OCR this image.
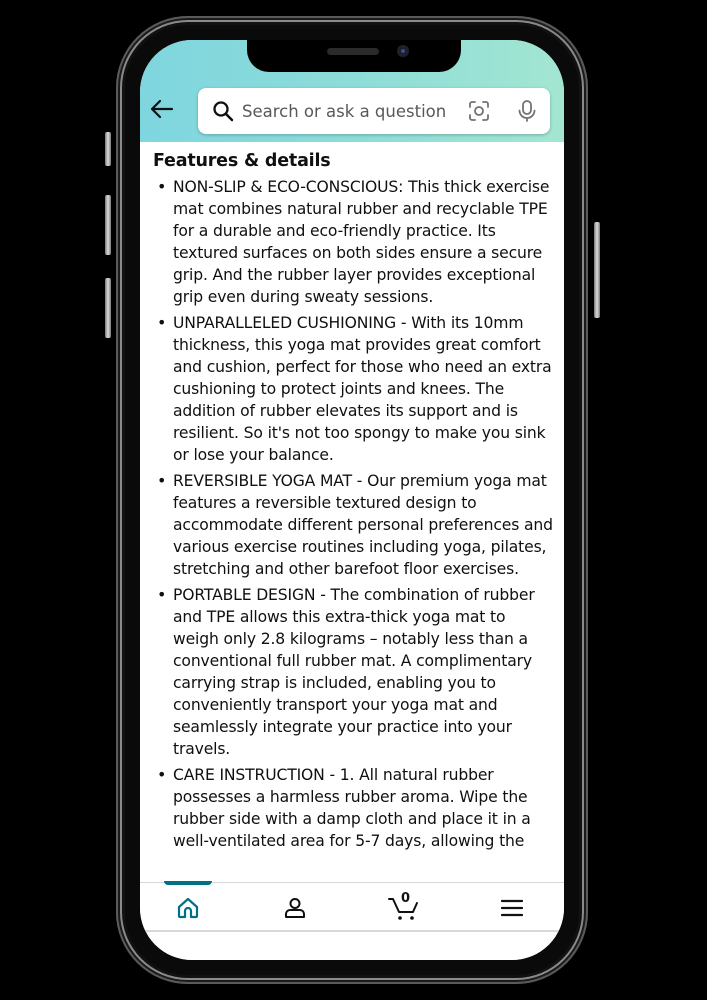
Search or ask a question
Features & details
• NON-SLIP & ECO-CONSCIOUS: This thick exercise mat combines natural rubber and recyclable TPE for a durable and eco-friendly practice. Its textured surfaces on both sides ensure a secure grip. And the rubber layer provides exceptional grip even during sweaty sessions.
• UNPARALLELED CUSHIONING - With its 10mm thickness, this yoga mat provides great comfort and cushion, perfect for those who need an extra cushioning to protect joints and knees. The addition of rubber elevates its support and is resilient. So it's not too spongy to make you sink or lose your balance.
• REVERSIBLE YOGA MAT - Our premium yoga mat features a reversible textured design to accommodate different personal preferences and various exercise routines including yoga, pilates, stretching and other barefoot floor exercises.
• PORTABLE DESIGN - The combination of rubber and TPE allows this extra-thick yoga mat to weigh only 2.8 kilograms – notably less than a conventional full rubber mat. A complimentary carrying strap is included, enabling you to conveniently transport your yoga mat and seamlessly integrate your practice into your travels.
• CARE INSTRUCTION - 1. All natural rubber possesses a harmless rubber aroma. Wipe the rubber side with a damp cloth and place it in a well-ventilated area for 5-7 days, allowing the
0
